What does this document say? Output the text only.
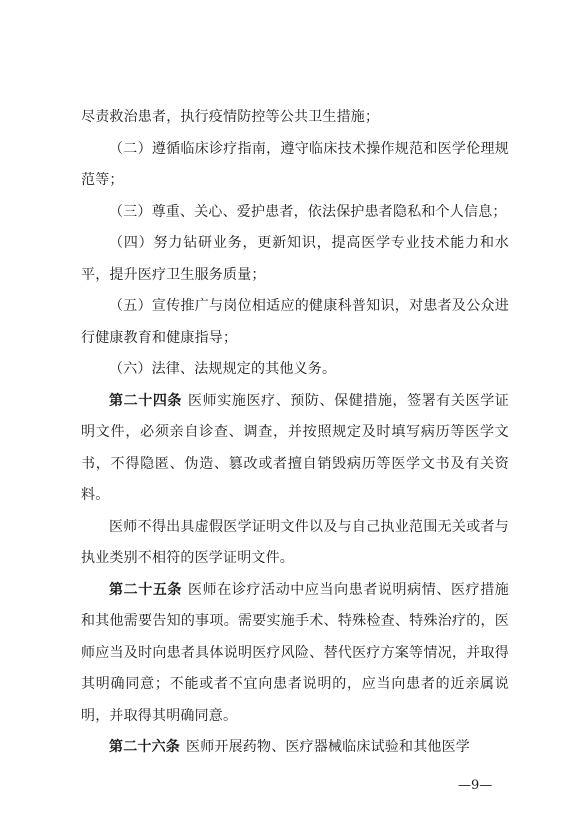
尽责救治患者，执行疫情防控等公共卫生措施；

（二）遵循临床诊疗指南，遵守临床技术操作规范和医学伦理规范等；

（三）尊重、关心、爱护患者，依法保护患者隐私和个人信息；

（四）努力钻研业务，更新知识，提高医学专业技术能力和水平，提升医疗卫生服务质量；

（五）宣传推广与岗位相适应的健康科普知识，对患者及公众进行健康教育和健康指导；

（六）法律、法规规定的其他义务。

第二十四条 医师实施医疗、预防、保健措施，签署有关医学证明文件，必须亲自诊查、调查，并按照规定及时填写病历等医学文书，不得隐匿、伪造、篡改或者擅自销毁病历等医学文书及有关资料。

医师不得出具虚假医学证明文件以及与自己执业范围无关或者与执业类别不相符的医学证明文件。

第二十五条 医师在诊疗活动中应当向患者说明病情、医疗措施和其他需要告知的事项。需要实施手术、特殊检查、特殊治疗的，医师应当及时向患者具体说明医疗风险、替代医疗方案等情况，并取得其明确同意；不能或者不宜向患者说明的，应当向患者的近亲属说明，并取得其明确同意。

第二十六条 医师开展药物、医疗器械临床试验和其他医学

—9—
